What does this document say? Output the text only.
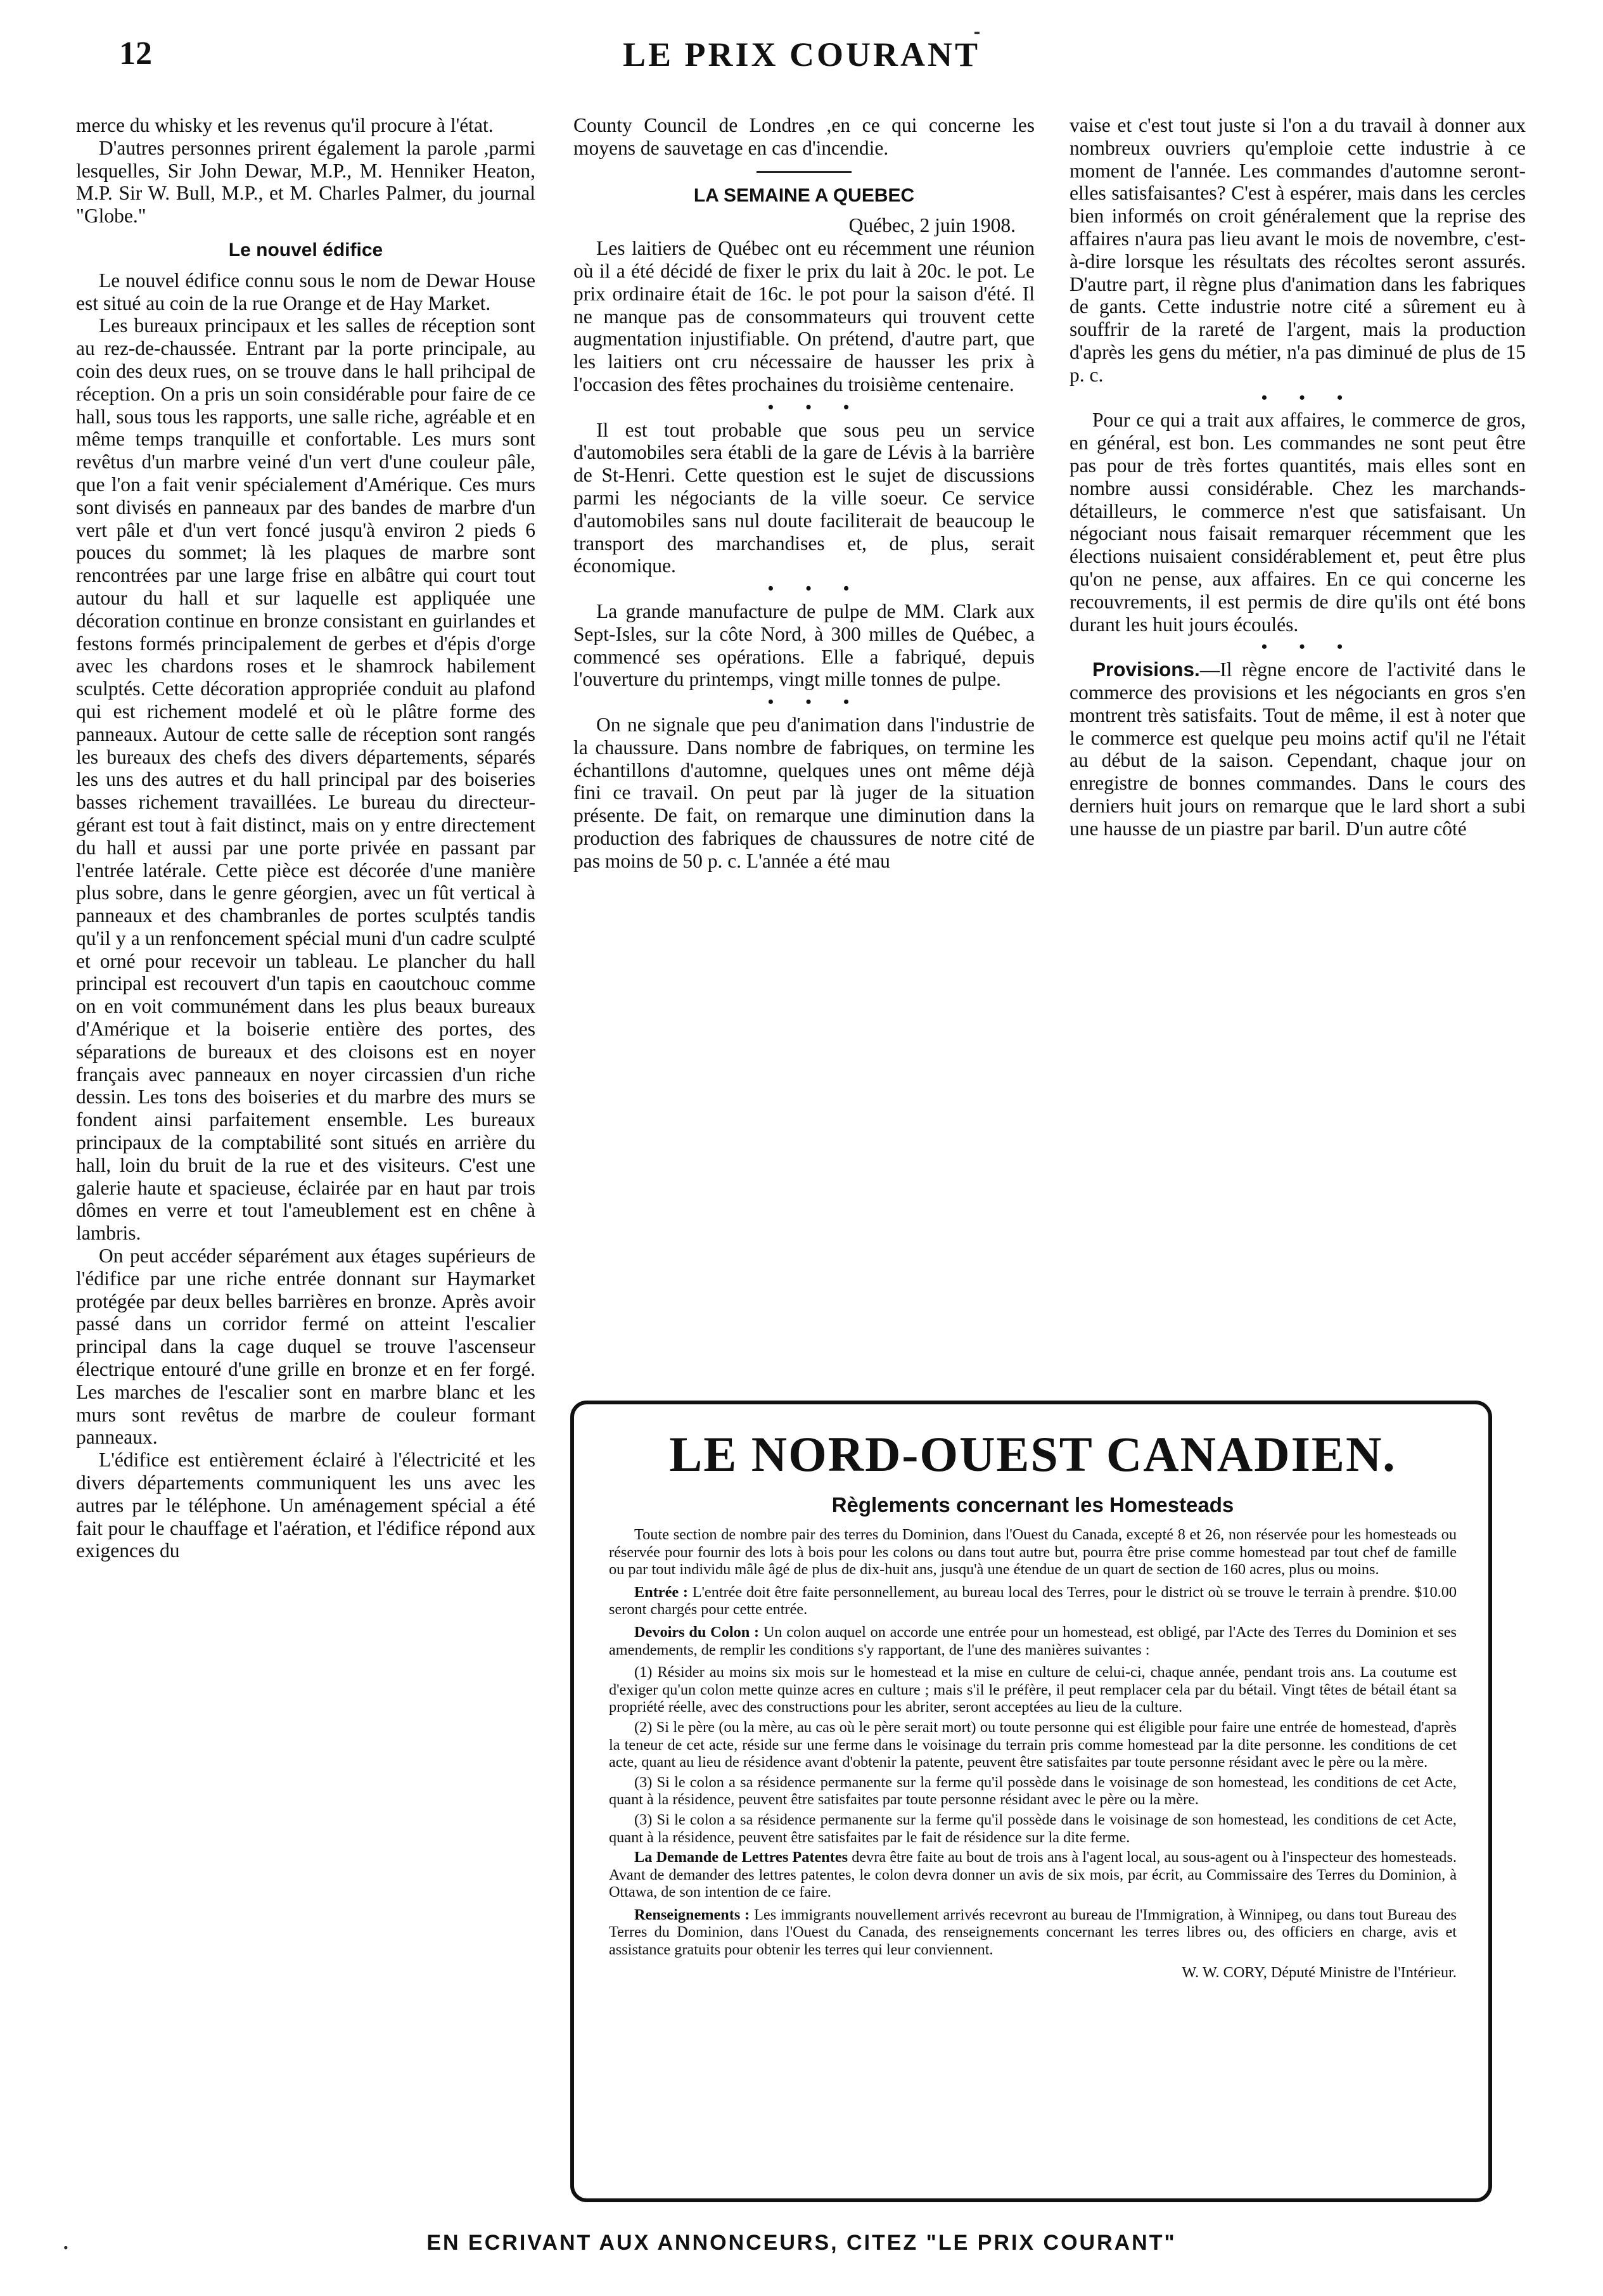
12	LE PRIX COURANT

merce du whisky et les revenus qu'il procure à l'état.

D'autres personnes prirent également la parole ,parmi lesquelles, Sir John Dewar, M.P., M. Henniker Heaton, M.P. Sir W. Bull, M.P., et M. Charles Palmer, du journal "Globe."

Le nouvel édifice

Le nouvel édifice connu sous le nom de Dewar House est situé au coin de la rue Orange et de Hay Market.

Les bureaux principaux et les salles de réception sont au rez-de-chaussée. Entrant par la porte principale, au coin des deux rues, on se trouve dans le hall prihcipal de réception. On a pris un soin considérable pour faire de ce hall, sous tous les rapports, une salle riche, agréable et en même temps tranquille et confortable. Les murs sont revêtus d'un marbre veiné d'un vert d'une couleur pâle, que l'on a fait venir spécialement d'Amérique. Ces murs sont divisés en panneaux par des bandes de marbre d'un vert pâle et d'un vert foncé jusqu'à environ 2 pieds 6 pouces du sommet; là les plaques de marbre sont rencontrées par une large frise en albâtre qui court tout autour du hall et sur laquelle est appliquée une décoration continue en bronze consistant en guirlandes et festons formés principalement de gerbes et d'épis d'orge avec les chardons roses et le shamrock habilement sculptés. Cette décoration appropriée conduit au plafond qui est richement modelé et où le plâtre forme des panneaux. Autour de cette salle de réception sont rangés les bureaux des chefs des divers départements, séparés les uns des autres et du hall principal par des boiseries basses richement travaillées. Le bureau du directeur-gérant est tout à fait distinct, mais on y entre directement du hall et aussi par une porte privée en passant par l'entrée latérale. Cette pièce est décorée d'une manière plus sobre, dans le genre géorgien, avec un fût vertical à panneaux et des chambranles de portes sculptés tandis qu'il y a un renfoncement spécial muni d'un cadre sculpté et orné pour recevoir un tableau. Le plancher du hall principal est recouvert d'un tapis en caoutchouc comme on en voit communément dans les plus beaux bureaux d'Amérique et la boiserie entière des portes, des séparations de bureaux et des cloisons est en noyer français avec panneaux en noyer circassien d'un riche dessin. Les tons des boiseries et du marbre des murs se fondent ainsi parfaitement ensemble. Les bureaux principaux de la comptabilité sont situés en arrière du hall, loin du bruit de la rue et des visiteurs. C'est une galerie haute et spacieuse, éclairée par en haut par trois dômes en verre et tout l'ameublement est en chêne à lambris.

On peut accéder séparément aux étages supérieurs de l'édifice par une riche entrée donnant sur Haymarket protégée par deux belles barrières en bronze. Après avoir passé dans un corridor fermé on atteint l'escalier principal dans la cage duquel se trouve l'ascenseur électrique entouré d'une grille en bronze et en fer forgé. Les marches de l'escalier sont en marbre blanc et les murs sont revêtus de marbre de couleur formant panneaux.

L'édifice est entièrement éclairé à l'électricité et les divers départements communiquent les uns avec les autres par le téléphone. Un aménagement spécial a été fait pour le chauffage et l'aération, et l'édifice répond aux exigences du

County Council de Londres ,en ce qui concerne les moyens de sauvetage en cas d'incendie.

LA SEMAINE A QUEBEC

Québec, 2 juin 1908.

Les laitiers de Québec ont eu récemment une réunion où il a été décidé de fixer le prix du lait à 20c. le pot. Le prix ordinaire était de 16c. le pot pour la saison d'été. Il ne manque pas de consommateurs qui trouvent cette augmentation injustifiable. On prétend, d'autre part, que les laitiers ont cru nécessaire de hausser les prix à l'occasion des fêtes prochaines du troisième centenaire.

• • •

Il est tout probable que sous peu un service d'automobiles sera établi de la gare de Lévis à la barrière de St-Henri. Cette question est le sujet de discussions parmi les négociants de la ville soeur. Ce service d'automobiles sans nul doute faciliterait de beaucoup le transport des marchandises et, de plus, serait économique.

• • •

La grande manufacture de pulpe de MM. Clark aux Sept-Isles, sur la côte Nord, à 300 milles de Québec, a commencé ses opérations. Elle a fabriqué, depuis l'ouverture du printemps, vingt mille tonnes de pulpe.

• • •

On ne signale que peu d'animation dans l'industrie de la chaussure. Dans nombre de fabriques, on termine les échantillons d'automne, quelques unes ont même déjà fini ce travail. On peut par là juger de la situation présente. De fait, on remarque une diminution dans la production des fabriques de chaussures de notre cité de pas moins de 50 p. c. L'année a été mau

vaise et c'est tout juste si l'on a du travail à donner aux nombreux ouvriers qu'emploie cette industrie à ce moment de l'année. Les commandes d'automne seront-elles satisfaisantes? C'est à espérer, mais dans les cercles bien informés on croit généralement que la reprise des affaires n'aura pas lieu avant le mois de novembre, c'est-à-dire lorsque les résultats des récoltes seront assurés. D'autre part, il règne plus d'animation dans les fabriques de gants. Cette industrie notre cité a sûrement eu à souffrir de la rareté de l'argent, mais la production d'après les gens du métier, n'a pas diminué de plus de 15 p. c.

• • •

Pour ce qui a trait aux affaires, le commerce de gros, en général, est bon. Les commandes ne sont peut être pas pour de très fortes quantités, mais elles sont en nombre aussi considérable. Chez les marchands-détailleurs, le commerce n'est que satisfaisant. Un négociant nous faisait remarquer récemment que les élections nuisaient considérablement et, peut être plus qu'on ne pense, aux affaires. En ce qui concerne les recouvrements, il est permis de dire qu'ils ont été bons durant les huit jours écoulés.

• • •

Provisions.—Il règne encore de l'activité dans le commerce des provisions et les négociants en gros s'en montrent très satisfaits. Tout de même, il est à noter que le commerce est quelque peu moins actif qu'il ne l'était au début de la saison. Cependant, chaque jour on enregistre de bonnes commandes. Dans le cours des derniers huit jours on remarque que le lard short a subi une hausse de un piastre par baril. D'un autre côté

LE NORD-OUEST CANADIEN.
Règlements concernant les Homesteads

Toute section de nombre pair des terres du Dominion, dans l'Ouest du Canada, excepté 8 et 26, non réservée pour les homesteads ou réservée pour fournir des lots à bois pour les colons ou dans tout autre but, pourra être prise comme homestead par tout chef de famille ou par tout individu mâle âgé de plus de dix-huit ans, jusqu'à une étendue de un quart de section de 160 acres, plus ou moins.

Entrée : L'entrée doit être faite personnellement, au bureau local des Terres, pour le district où se trouve le terrain à prendre. $10.00 seront chargés pour cette entrée.

Devoirs du Colon : Un colon auquel on accorde une entrée pour un homestead, est obligé, par l'Acte des Terres du Dominion et ses amendements, de remplir les conditions s'y rapportant, de l'une des manières suivantes :

(1) Résider au moins six mois sur le homestead et la mise en culture de celui-ci, chaque année, pendant trois ans. La coutume est d'exiger qu'un colon mette quinze acres en culture ; mais s'il le préfère, il peut remplacer cela par du bétail. Vingt têtes de bétail étant sa propriété réelle, avec des constructions pour les abriter, seront acceptées au lieu de la culture.

(2) Si le père (ou la mère, au cas où le père serait mort) ou toute personne qui est éligible pour faire une entrée de homestead, d'après la teneur de cet acte, réside sur une ferme dans le voisinage du terrain pris comme homestead par la dite personne. les conditions de cet acte, quant au lieu de résidence avant d'obtenir la patente, peuvent être satisfaites par toute personne résidant avec le père ou la mère.

(3) Si le colon a sa résidence permanente sur la ferme qu'il possède dans le voisinage de son homestead, les conditions de cet Acte, quant à la résidence, peuvent être satisfaites par toute personne résidant avec le père ou la mère.

(3) Si le colon a sa résidence permanente sur la ferme qu'il possède dans le voisinage de son homestead, les conditions de cet Acte, quant à la résidence, peuvent être satisfaites par le fait de résidence sur la dite ferme.

La Demande de Lettres Patentes devra être faite au bout de trois ans à l'agent local, au sous-agent ou à l'inspecteur des homesteads. Avant de demander des lettres patentes, le colon devra donner un avis de six mois, par écrit, au Commissaire des Terres du Dominion, à Ottawa, de son intention de ce faire.

Renseignements : Les immigrants nouvellement arrivés recevront au bureau de l'Immigration, à Winnipeg, ou dans tout Bureau des Terres du Dominion, dans l'Ouest du Canada, des renseignements concernant les terres libres ou, des officiers en charge, avis et assistance gratuits pour obtenir les terres qui leur conviennent.

W. W. CORY, Député Ministre de l'Intérieur.
•	EN ECRIVANT AUX ANNONCEURS, CITEZ "LE PRIX COURANT"
